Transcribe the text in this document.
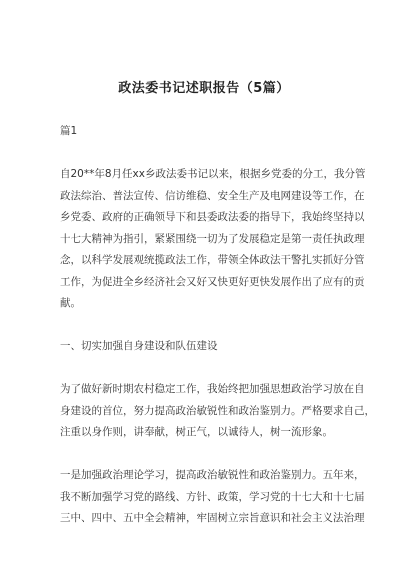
政法委书记述职报告（5篇）
篇1
自20**年8月任xx乡政法委书记以来，根据乡党委的分工，我分管
政法综治、普法宣传、信访维稳、安全生产及电网建设等工作，在
乡党委、政府的正确领导下和县委政法委的指导下，我始终坚持以
十七大精神为指引，紧紧围绕一切为了发展稳定是第一责任执政理
念，以科学发展观统揽政法工作，带领全体政法干警扎实抓好分管
工作，为促进全乡经济社会又好又快更好更快发展作出了应有的贡
献。
一、切实加强自身建设和队伍建设
为了做好新时期农村稳定工作，我始终把加强思想政治学习放在自
身建设的首位，努力提高政治敏锐性和政治鉴别力。严格要求自己，
注重以身作则，讲奉献，树正气，以诚待人，树一流形象。
一是加强政治理论学习，提高政治敏锐性和政治鉴别力。五年来，
我不断加强学习党的路线、方针、政策，学习党的十七大和十七届
三中、四中、五中全会精神，牢固树立宗旨意识和社会主义法治理
